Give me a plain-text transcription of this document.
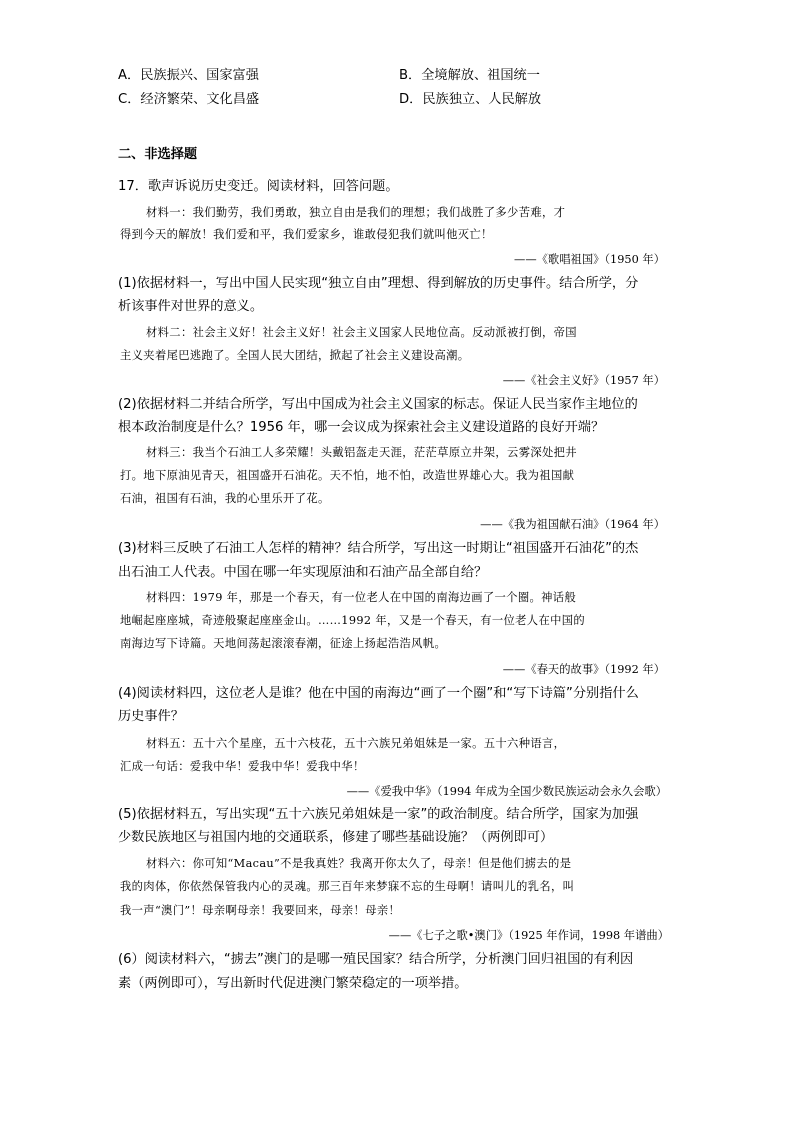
A．民族振兴、国家富强	B．全境解放、祖国统一
C．经济繁荣、文化昌盛	D．民族独立、人民解放
二、非选择题
17．歌声诉说历史变迁。阅读材料，回答问题。
材料一：我们勤劳，我们勇敢，独立自由是我们的理想；我们战胜了多少苦难，才
得到今天的解放！我们爱和平，我们爱家乡，谁敢侵犯我们就叫他灭亡！
——《歌唱祖国》（1950 年）
(1)依据材料一，写出中国人民实现“独立自由”理想、得到解放的历史事件。结合所学，分
析该事件对世界的意义。
材料二：社会主义好！社会主义好！社会主义国家人民地位高。反动派被打倒，帝国
主义夹着尾巴逃跑了。全国人民大团结，掀起了社会主义建设高潮。
——《社会主义好》（1957 年）
(2)依据材料二并结合所学，写出中国成为社会主义国家的标志。保证人民当家作主地位的
根本政治制度是什么？1956 年，哪一会议成为探索社会主义建设道路的良好开端？
材料三：我当个石油工人多荣耀！头戴铝盔走天涯，茫茫草原立井架，云雾深处把井
打。地下原油见青天，祖国盛开石油花。天不怕，地不怕，改造世界雄心大。我为祖国献
石油，祖国有石油，我的心里乐开了花。
——《我为祖国献石油》（1964 年）
(3)材料三反映了石油工人怎样的精神？结合所学，写出这一时期让“祖国盛开石油花”的杰
出石油工人代表。中国在哪一年实现原油和石油产品全部自给？
材料四：1979 年，那是一个春天，有一位老人在中国的南海边画了一个圈。神话般
地崛起座座城，奇迹般聚起座座金山。……1992 年，又是一个春天，有一位老人在中国的
南海边写下诗篇。天地间荡起滚滚春潮，征途上扬起浩浩风帆。
——《春天的故事》（1992 年）
(4)阅读材料四，这位老人是谁？他在中国的南海边“画了一个圈”和“写下诗篇”分别指什么
历史事件？
材料五：五十六个星座，五十六枝花，五十六族兄弟姐妹是一家。五十六种语言，
汇成一句话：爱我中华！爱我中华！爱我中华！
——《爱我中华》（1994 年成为全国少数民族运动会永久会歌）
(5)依据材料五，写出实现“五十六族兄弟姐妹是一家”的政治制度。结合所学，国家为加强
少数民族地区与祖国内地的交通联系，修建了哪些基础设施？（两例即可）
材料六：你可知“Macau”不是我真姓？我离开你太久了，母亲！但是他们掳去的是
我的肉体，你依然保管我内心的灵魂。那三百年来梦寐不忘的生母啊！请叫儿的乳名，叫
我一声“澳门”！母亲啊母亲！我要回来，母亲！母亲！
——《七子之歌•澳门》（1925 年作词，1998 年谱曲）
(6）阅读材料六，“掳去”澳门的是哪一殖民国家？结合所学，分析澳门回归祖国的有利因
素（两例即可），写出新时代促进澳门繁荣稳定的一项举措。
